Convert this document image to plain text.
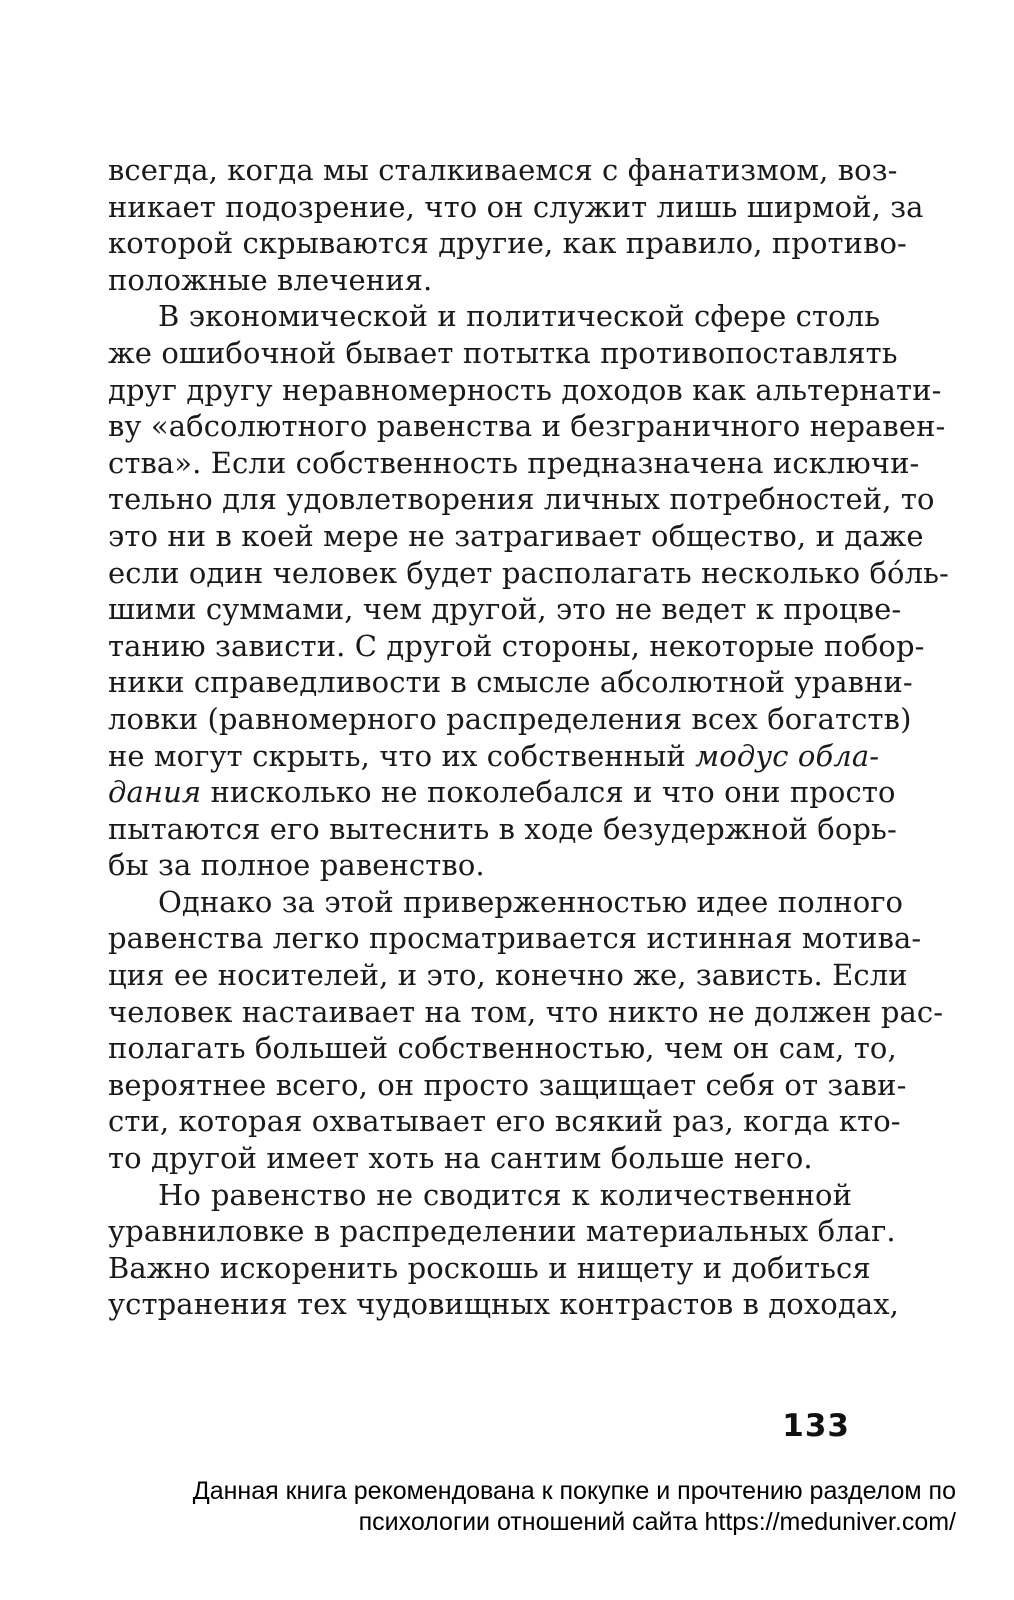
всегда, когда мы сталкиваемся с фанатизмом, воз-
никает подозрение, что он служит лишь ширмой, за
которой скрываются другие, как правило, противо-
положные влечения.
В экономической и политической сфере столь
же ошибочной бывает потытка противопоставлять
друг другу неравномерность доходов как альтернати-
ву «абсолютного равенства и безграничного неравен-
ства». Если собственность предназначена исключи-
тельно для удовлетворения личных потребностей, то
это ни в коей мере не затрагивает общество, и даже
если один человек будет располагать несколько бо́ль-
шими суммами, чем другой, это не ведет к процве-
танию зависти. С другой стороны, некоторые побор-
ники справедливости в смысле абсолютной уравни-
ловки (равномерного распределения всех богатств)
не могут скрыть, что их собственный модус обла-
дания нисколько не поколебался и что они просто
пытаются его вытеснить в ходе безудержной борь-
бы за полное равенство.
Однако за этой приверженностью идее полного
равенства легко просматривается истинная мотива-
ция ее носителей, и это, конечно же, зависть. Если
человек настаивает на том, что никто не должен рас-
полагать большей собственностью, чем он сам, то,
вероятнее всего, он просто защищает себя от зави-
сти, которая охватывает его всякий раз, когда кто-
то другой имеет хоть на сантим больше него.
Но равенство не сводится к количественной
уравниловке в распределении материальных благ.
Важно искоренить роскошь и нищету и добиться
устранения тех чудовищных контрастов в доходах,
133
Данная книга рекомендована к покупке и прочтению разделом по
психологии отношений сайта https://meduniver.com/
